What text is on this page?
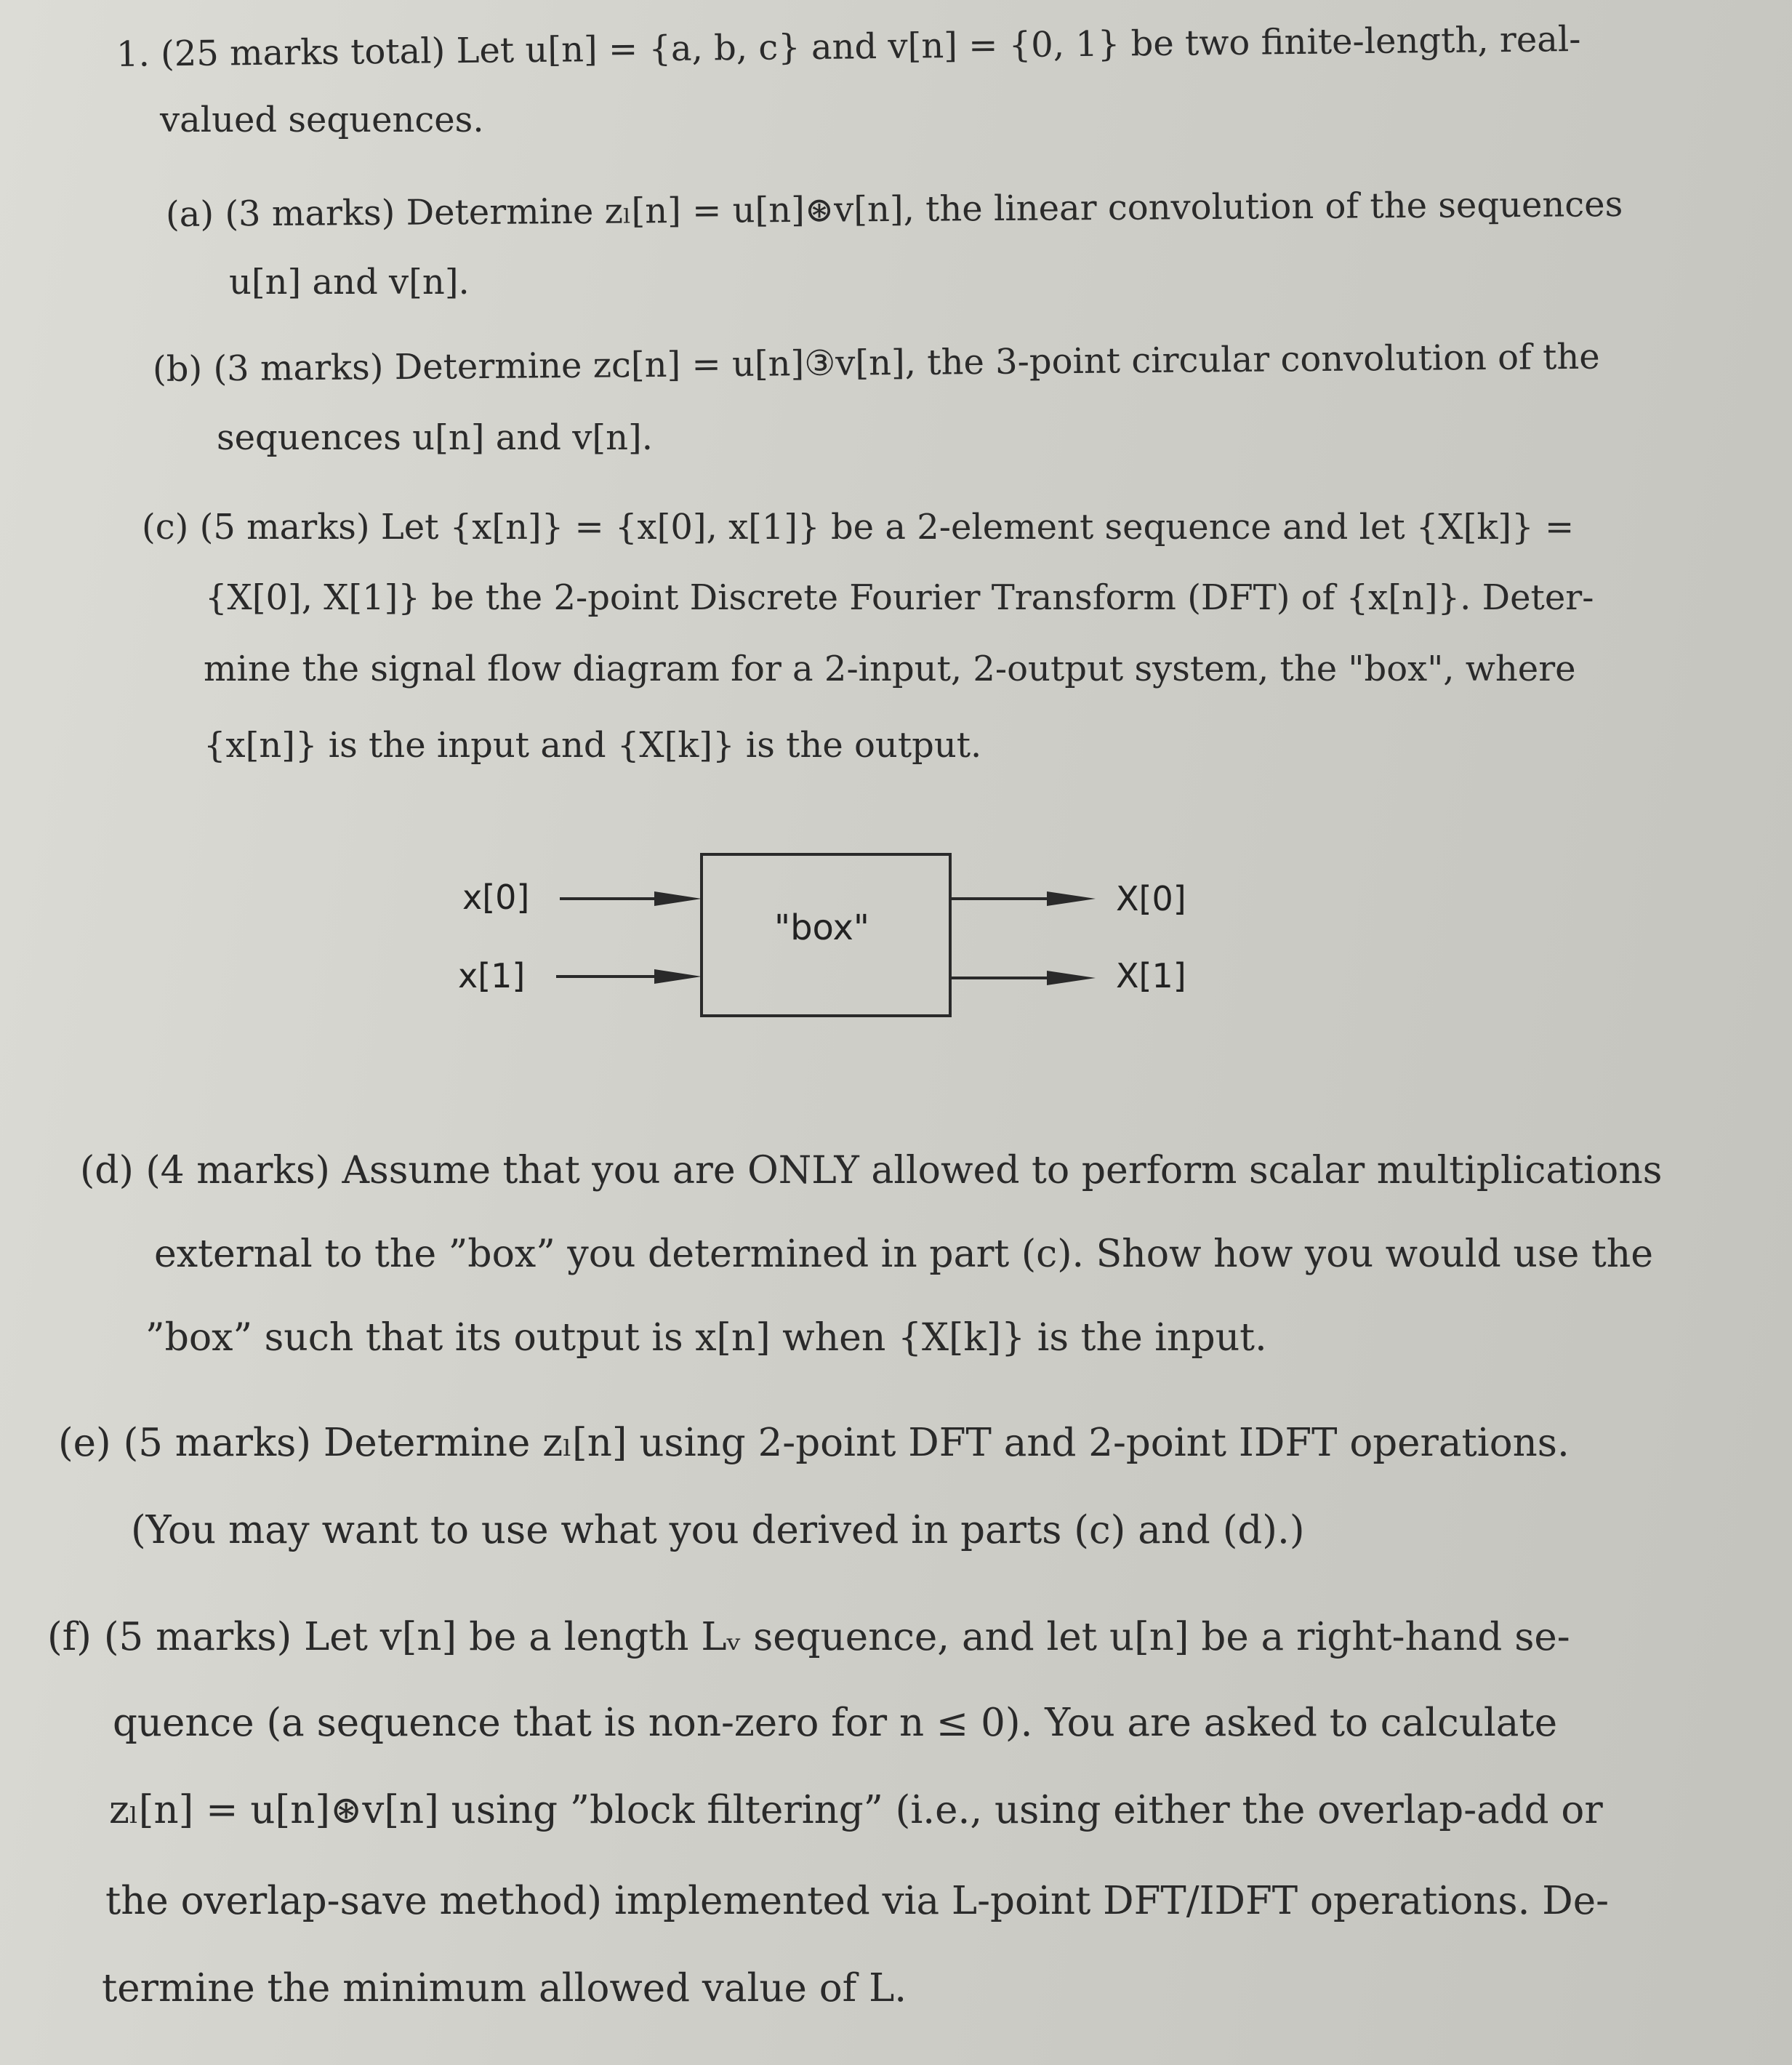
1. (25 marks total) Let u[n] = {a, b, c} and v[n] = {0, 1} be two finite-length, real-
valued sequences.
(a) (3 marks) Determine zₗ[n] = u[n]⊛v[n], the linear convolution of the sequences
u[n] and v[n].
(b) (3 marks) Determine zᴄ[n] = u[n]③v[n], the 3-point circular convolution of the
sequences u[n] and v[n].
(c) (5 marks) Let {x[n]} = {x[0], x[1]} be a 2-element sequence and let {X[k]} =
{X[0], X[1]} be the 2-point Discrete Fourier Transform (DFT) of {x[n]}. Deter-
mine the signal flow diagram for a 2-input, 2-output system, the "box", where
{x[n]} is the input and {X[k]} is the output.
x[0]
x[1]
"box"
X[0]
X[1]
(d) (4 marks) Assume that you are ONLY allowed to perform scalar multiplications
external to the ”box” you determined in part (c). Show how you would use the
”box” such that its output is x[n] when {X[k]} is the input.
(e) (5 marks) Determine zₗ[n] using 2-point DFT and 2-point IDFT operations.
(You may want to use what you derived in parts (c) and (d).)
(f) (5 marks) Let v[n] be a length Lᵥ sequence, and let u[n] be a right-hand se-
quence (a sequence that is non-zero for n ≤ 0). You are asked to calculate
zₗ[n] = u[n]⊛v[n] using ”block filtering” (i.e., using either the overlap-add or
the overlap-save method) implemented via L-point DFT/IDFT operations. De-
termine the minimum allowed value of L.
